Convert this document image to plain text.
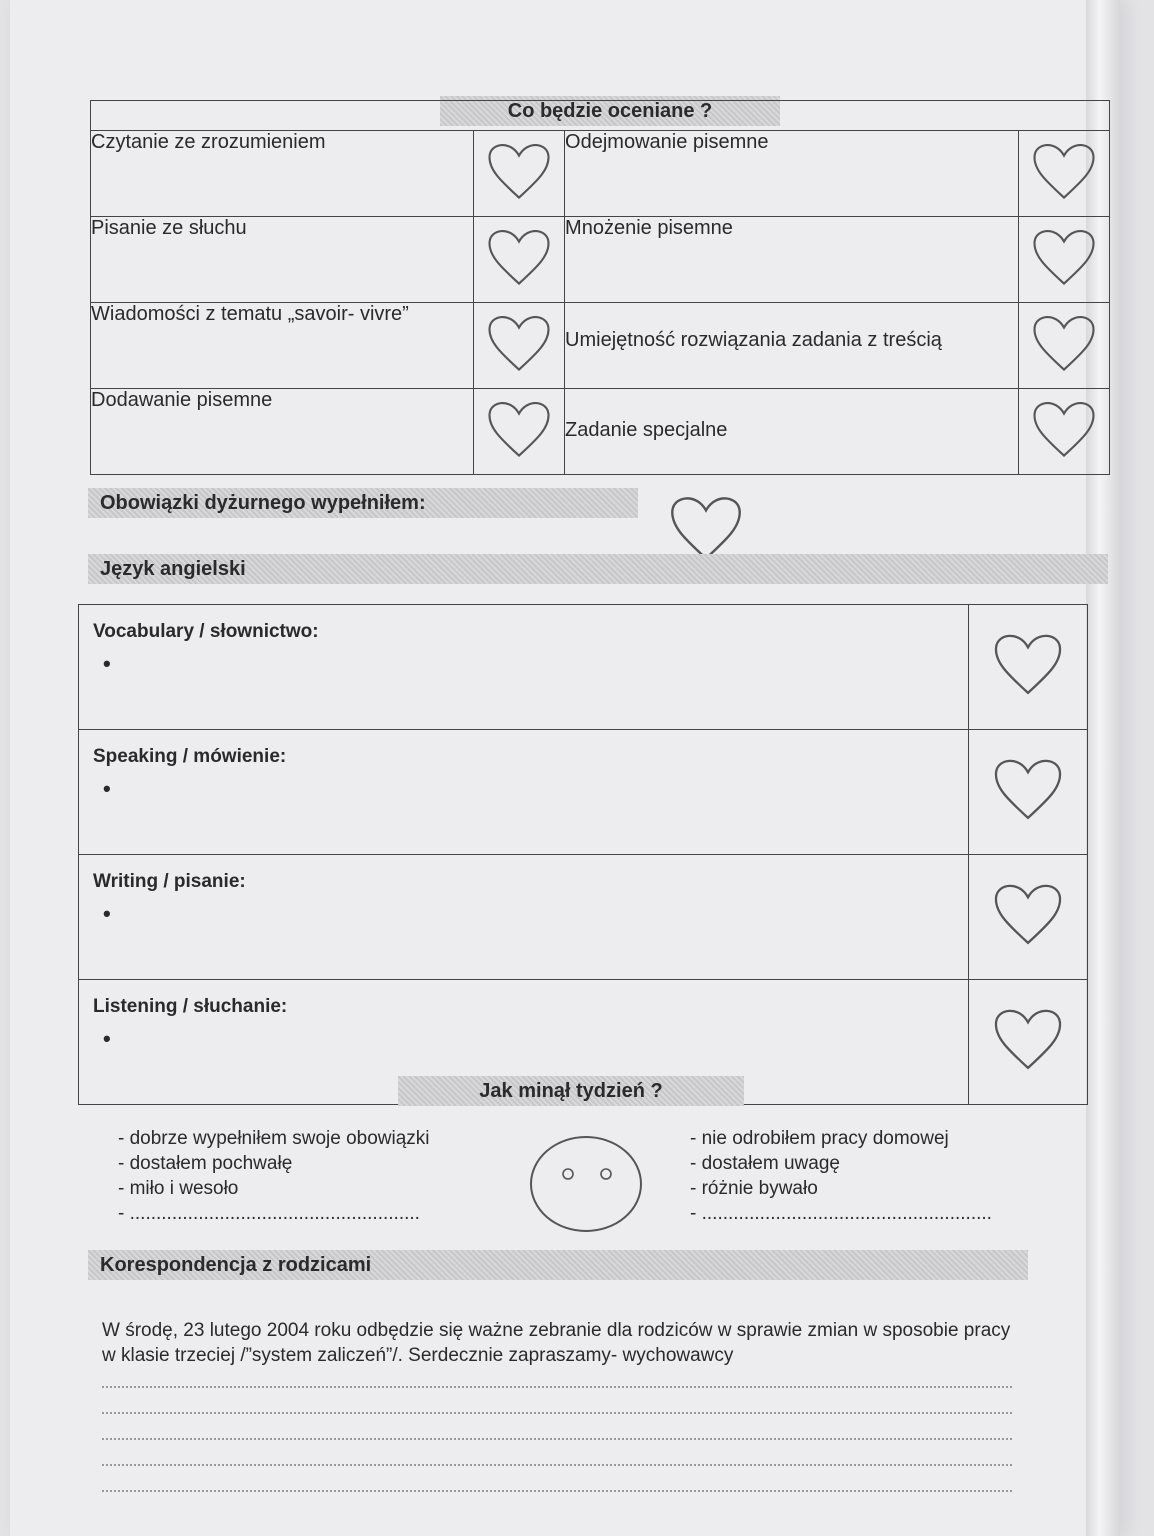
Co będzie oceniane ?

Czytanie ze zrozumieniem		Odejmowanie pisemne	
Pisanie ze słuchu		Mnożenie pisemne	
Wiadomości z tematu „savoir- vivre”		Umiejętność rozwiązania zadania z treścią	
Dodawanie pisemne		Zadanie specjalne	
Obowiązki dyżurnego wypełniłem:
Język angielski
Vocabulary / słownictwo:
•

Speaking / mówienie:
•

Writing / pisanie:
•

Listening / słuchanie:
•

Jak minął tydzień ?
- dobrze wypełniłem swoje obowiązki
- dostałem pochwałę
- miło i wesoło
- .......................................................
- nie odrobiłem pracy domowej
- dostałem uwagę
- różnie bywało
- .......................................................
Korespondencja z rodzicami
W środę, 23 lutego 2004 roku odbędzie się ważne zebranie dla rodziców w sprawie zmian w sposobie pracy w klasie trzeciej /”system zaliczeń”/. Serdecznie zapraszamy- wychowawcy
